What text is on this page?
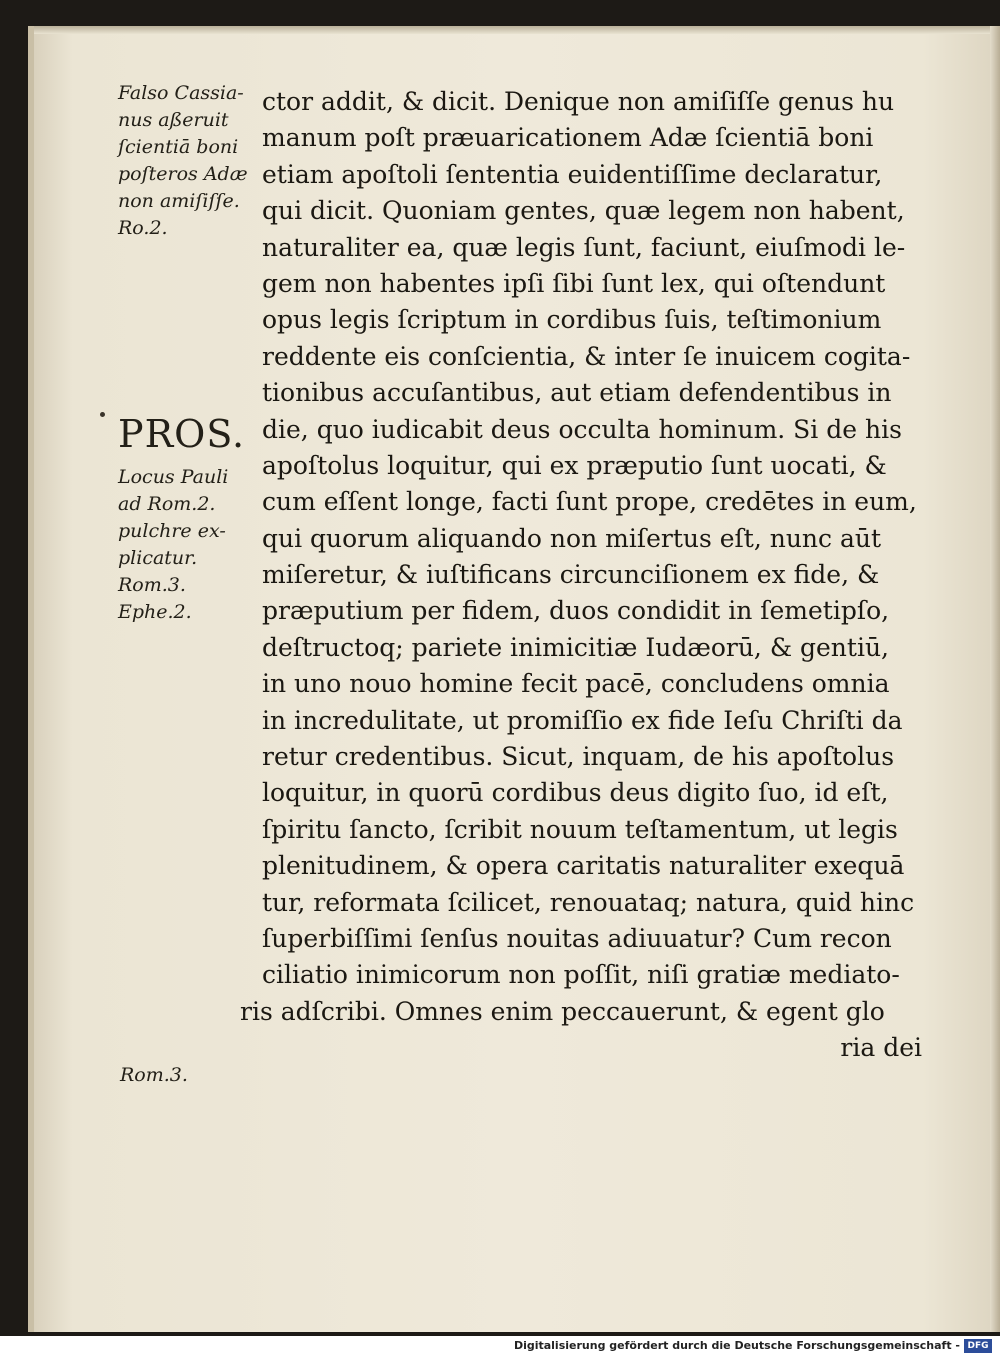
Falso Cassia-
nus aßeruit
ſcientiā boni
poſteros Adæ
non amiſiſſe.
Ro.2.
PROS.
Locus Pauli
ad Rom.2.
pulchre ex-
plicatur.
Rom.3.
Ephe.2.
Rom.3.
ctor addit, & dicit. Denique non amiſiſſe genus hu
manum poſt præuaricationem Adæ ſcientiā boni
etiam apoſtoli ſententia euidentiſſime declaratur,
qui dicit. Quoniam gentes, quæ legem non habent,
naturaliter ea, quæ legis ſunt, faciunt, eiuſmodi le-
gem non habentes ipſi ſibi ſunt lex, qui oſtendunt
opus legis ſcriptum in cordibus ſuis, teſtimonium
reddente eis conſcientia, & inter ſe inuicem cogita-
tionibus accuſantibus, aut etiam defendentibus in
die, quo iudicabit deus occulta hominum. Si de his
apoſtolus loquitur, qui ex præputio ſunt uocati, &
cum eſſent longe, facti ſunt prope, credētes in eum,
qui quorum aliquando non miſertus eſt, nunc aūt
miſeretur, & iuſtificans circunciſionem ex fide, &
præputium per fidem, duos condidit in ſemetipſo,
deſtructoq; pariete inimicitiæ Iudæorū, & gentiū,
in uno nouo homine fecit pacē, concludens omnia
in incredulitate, ut promiſſio ex fide Ieſu Chriſti da
retur credentibus. Sicut, inquam, de his apoſtolus
loquitur, in quorū cordibus deus digito ſuo, id eſt,
ſpiritu ſancto, ſcribit nouum teſtamentum, ut legis
plenitudinem, & opera caritatis naturaliter exequā
tur, reformata ſcilicet, renouataq; natura, quid hinc
ſuperbiſſimi ſenſus nouitas adiuuatur? Cum recon
ciliatio inimicorum non poſſit, niſi gratiæ mediato-
ris adſcribi. Omnes enim peccauerunt, & egent glo
ria dei
Digitalisierung gefördert durch die Deutsche Forschungsgemeinschaft - DFG
